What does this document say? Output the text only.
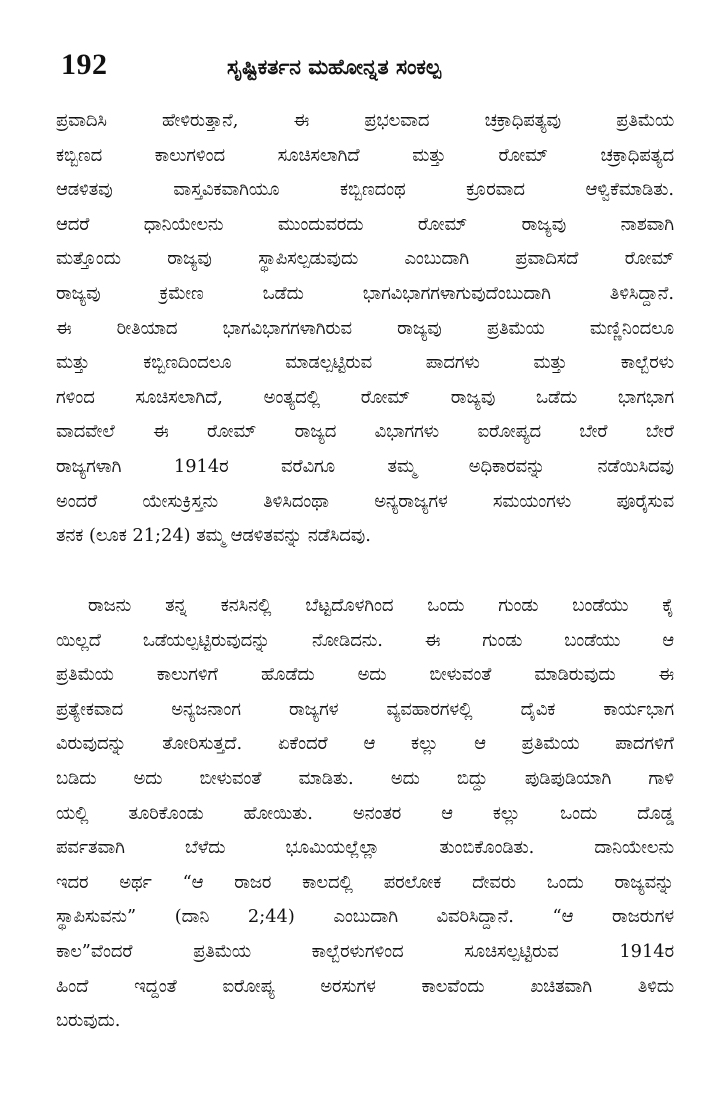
192	ಸೃಷ್ಟಿಕರ್ತನ ಮಹೋನ್ನತ ಸಂಕಲ್ಪ
ಪ್ರವಾದಿಸಿ ಹೇಳಿರುತ್ತಾನೆ, ಈ ಪ್ರಭಲವಾದ ಚಕ್ರಾಧಿಪತ್ಯವು ಪ್ರತಿಮೆಯ
ಕಬ್ಬಿಣದ ಕಾಲುಗಳಿಂದ ಸೂಚಿಸಲಾಗಿದೆ ಮತ್ತು ರೋಮ್ ಚಕ್ರಾಧಿಪತ್ಯದ
ಆಡಳಿತವು ವಾಸ್ತವಿಕವಾಗಿಯೂ ಕಬ್ಬಿಣದಂಥ ಕ್ರೂರವಾದ ಆಳ್ವಿಕೆಮಾಡಿತು.
ಆದರೆ ಧಾನಿಯೇಲನು ಮುಂದುವರದು ರೋಮ್ ರಾಜ್ಯವು ನಾಶವಾಗಿ
ಮತ್ತೊಂದು ರಾಜ್ಯವು ಸ್ಥಾಪಿಸಲ್ಪಡುವುದು ಎಂಬುದಾಗಿ ಪ್ರವಾದಿಸದೆ ರೋಮ್
ರಾಜ್ಯವು ಕ್ರಮೇಣ ಒಡೆದು ಭಾಗವಿಭಾಗಗಳಾಗುವುದೆಂಬುದಾಗಿ ತಿಳಿಸಿದ್ದಾನೆ.
ಈ ರೀತಿಯಾದ ಭಾಗವಿಭಾಗಗಳಾಗಿರುವ ರಾಜ್ಯವು ಪ್ರತಿಮೆಯ ಮಣ್ಣಿನಿಂದಲೂ
ಮತ್ತು ಕಬ್ಬಿಣದಿಂದಲೂ ಮಾಡಲ್ಪಟ್ಟಿರುವ ಪಾದಗಳು ಮತ್ತು ಕಾಲ್ಬೆರಳು
ಗಳಿಂದ ಸೂಚಿಸಲಾಗಿದೆ, ಅಂತ್ಯದಲ್ಲಿ ರೋಮ್ ರಾಜ್ಯವು ಒಡೆದು ಭಾಗಭಾಗ
ವಾದವೇಲೆ ಈ ರೋಮ್ ರಾಜ್ಯದ ವಿಭಾಗಗಳು ಐರೋಪ್ಯದ ಬೇರೆ ಬೇರೆ
ರಾಜ್ಯಗಳಾಗಿ 1914ರ ವರೆವಿಗೂ ತಮ್ಮ ಅಧಿಕಾರವನ್ನು ನಡೆಯಿಸಿದವು
ಅಂದರೆ ಯೇಸುಕ್ರಿಸ್ತನು ತಿಳಿಸಿದಂಥಾ ಅನ್ಯರಾಜ್ಯಗಳ ಸಮಯಂಗಳು ಪೂರೈಸುವ
ತನಕ (ಲೂಕ 21;24) ತಮ್ಮ ಆಡಳಿತವನ್ನು ನಡೆಸಿದವು.
ರಾಜನು ತನ್ನ ಕನಸಿನಲ್ಲಿ ಬೆಟ್ಟದೊಳಗಿಂದ ಒಂದು ಗುಂಡು ಬಂಡೆಯು ಕೈ
ಯಿಲ್ಲದೆ ಒಡೆಯಲ್ಪಟ್ಟಿರುವುದನ್ನು ನೋಡಿದನು. ಈ ಗುಂಡು ಬಂಡೆಯು ಆ
ಪ್ರತಿಮೆಯ ಕಾಲುಗಳಿಗೆ ಹೊಡೆದು ಅದು ಬೀಳುವಂತೆ ಮಾಡಿರುವುದು ಈ
ಪ್ರತ್ಯೇಕವಾದ ಅನ್ಯಜನಾಂಗ ರಾಜ್ಯಗಳ ವ್ಯವಹಾರಗಳಲ್ಲಿ ದೈವಿಕ ಕಾರ್ಯಭಾಗ
ವಿರುವುದನ್ನು ತೋರಿಸುತ್ತದೆ. ಏಕೆಂದರೆ ಆ ಕಲ್ಲು ಆ ಪ್ರತಿಮೆಯ ಪಾದಗಳಿಗೆ
ಬಡಿದು ಅದು ಬೀಳುವಂತೆ ಮಾಡಿತು. ಅದು ಬಿದ್ದು ಪುಡಿಪುಡಿಯಾಗಿ ಗಾಳಿ
ಯಲ್ಲಿ ತೂರಿಕೊಂಡು ಹೋಯಿತು. ಅನಂತರ ಆ ಕಲ್ಲು ಒಂದು ದೊಡ್ಡ
ಪರ್ವತವಾಗಿ ಬೆಳೆದು ಭೂಮಿಯಲ್ಲೆಲ್ಲಾ ತುಂಬಿಕೊಂಡಿತು. ದಾನಿಯೇಲನು
ಇದರ ಅರ್ಥ “ಆ ರಾಜರ ಕಾಲದಲ್ಲಿ ಪರಲೋಕ ದೇವರು ಒಂದು ರಾಜ್ಯವನ್ನು
ಸ್ಥಾಪಿಸುವನು” (ದಾನಿ 2;44) ಎಂಬುದಾಗಿ ವಿವರಿಸಿದ್ದಾನೆ. “ಆ ರಾಜರುಗಳ
ಕಾಲ”ವೆಂದರೆ ಪ್ರತಿಮೆಯ ಕಾಲ್ಬೆರಳುಗಳಿಂದ ಸೂಚಿಸಲ್ಪಟ್ಟಿರುವ 1914ರ
ಹಿಂದೆ ಇದ್ದಂತೆ ಐರೋಪ್ಯ ಅರಸುಗಳ ಕಾಲವೆಂದು ಖಚಿತವಾಗಿ ತಿಳಿದು
ಬರುವುದು.
